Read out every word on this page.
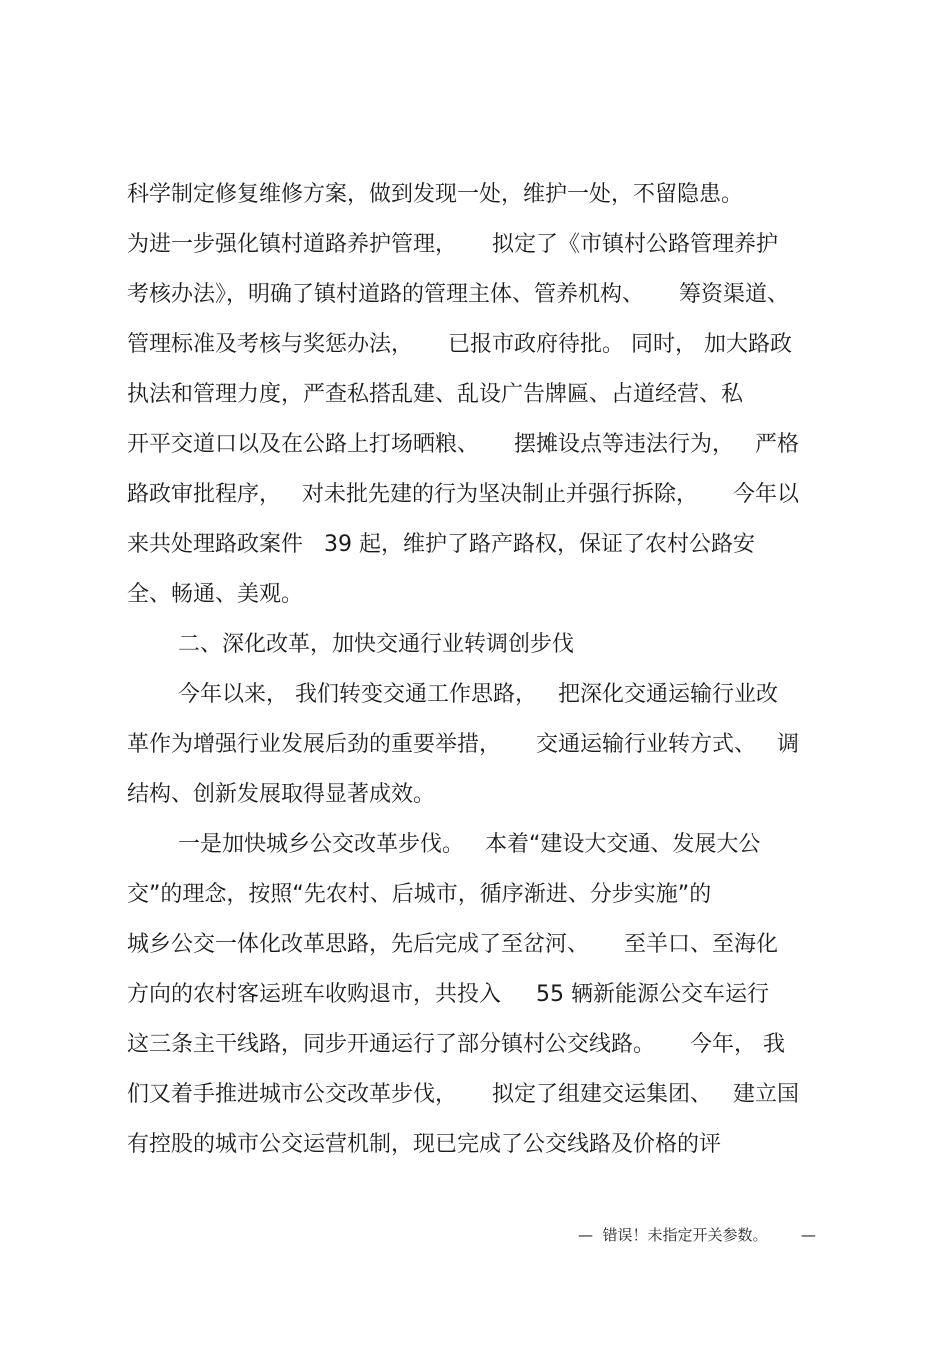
科学制定修复维修方案，做到发现一处，维护一处，不留隐患。
为进一步强化镇村道路养护管理，     拟定了《市镇村公路管理养护
考核办法》，明确了镇村道路的管理主体、管养机构、     筹资渠道、
管理标准及考核与奖惩办法，     已报市政府待批。 同时， 加大路政
执法和管理力度，严查私搭乱建、乱设广告牌匾、占道经营、私
开平交道口以及在公路上打场晒粮、     摆摊设点等违法行为，   严格
路政审批程序，   对未批先建的行为坚决制止并强行拆除，     今年以
来共处理路政案件   39 起，维护了路产路权，保证了农村公路安
全、畅通、美观。
二、深化改革，加快交通行业转调创步伐
今年以来， 我们转变交通工作思路，   把深化交通运输行业改
革作为增强行业发展后劲的重要举措，     交通运输行业转方式、   调
结构、创新发展取得显著成效。
一是加快城乡公交改革步伐。   本着“建设大交通、发展大公
交”的理念，按照“先农村、后城市，循序渐进、分步实施”的
城乡公交一体化改革思路，先后完成了至岔河、     至羊口、至海化
方向的农村客运班车收购退市，共投入     55 辆新能源公交车运行
这三条主干线路，同步开通运行了部分镇村公交线路。     今年， 我
们又着手推进城市公交改革步伐，     拟定了组建交运集团、   建立国
有控股的城市公交运营机制，现已完成了公交线路及价格的评
—  错误！未指定开关参数。       —
